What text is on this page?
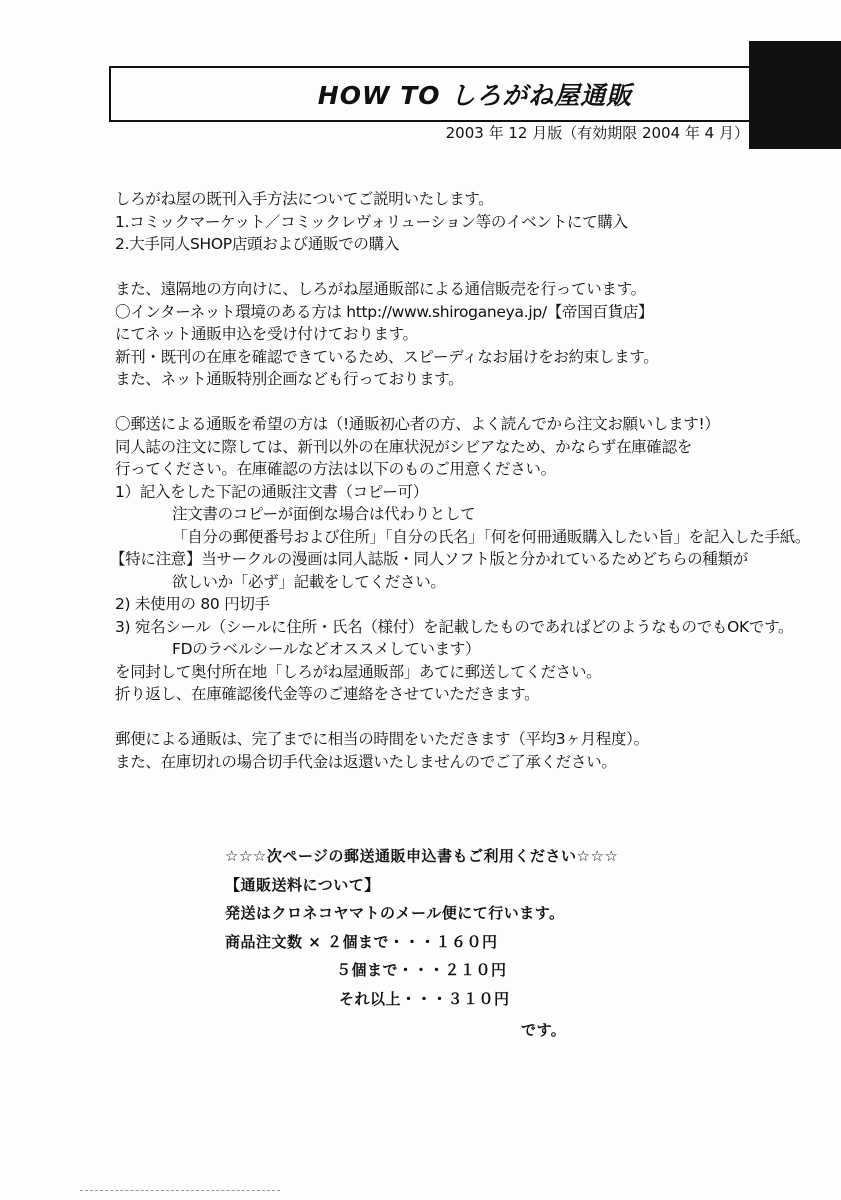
HOW TO しろがね屋通販
2003 年 12 月版（有効期限 2004 年 4 月）
しろがね屋の既刊入手方法についてご説明いたします。
1.コミックマーケット／コミックレヴォリューション等のイベントにて購入
2.大手同人SHOP店頭および通販での購入
また、遠隔地の方向けに、しろがね屋通販部による通信販売を行っています。
〇インターネット環境のある方は http://www.shiroganeya.jp/【帝国百貨店】
にてネット通販申込を受け付けております。
新刊・既刊の在庫を確認できているため、スピーディなお届けをお約束します。
また、ネット通販特別企画なども行っております。
〇郵送による通販を希望の方は（!通販初心者の方、よく読んでから注文お願いします!）
同人誌の注文に際しては、新刊以外の在庫状況がシビアなため、かならず在庫確認を
行ってください。在庫確認の方法は以下のものご用意ください。
1）記入をした下記の通販注文書（コピー可）
注文書のコピーが面倒な場合は代わりとして
「自分の郵便番号および住所」「自分の氏名」「何を何冊通販購入したい旨」を記入した手紙。
【特に注意】当サークルの漫画は同人誌版・同人ソフト版と分かれているためどちらの種類が
欲しいか「必ず」記載をしてください。
2) 未使用の 80 円切手
3) 宛名シール（シールに住所・氏名（様付）を記載したものであればどのようなものでもOKです。
FDのラベルシールなどオススメしています）
を同封して奥付所在地「しろがね屋通販部」あてに郵送してください。
折り返し、在庫確認後代金等のご連絡をさせていただきます。
郵便による通販は、完了までに相当の時間をいただきます（平均3ヶ月程度）。
また、在庫切れの場合切手代金は返還いたしませんのでご了承ください。
☆☆☆次ページの郵送通販申込書もご利用ください☆☆☆
【通販送料について】
発送はクロネコヤマトのメール便にて行います。
商品注文数 × ２個まで・・・１６０円
５個まで・・・２１０円
それ以上・・・３１０円
です。
